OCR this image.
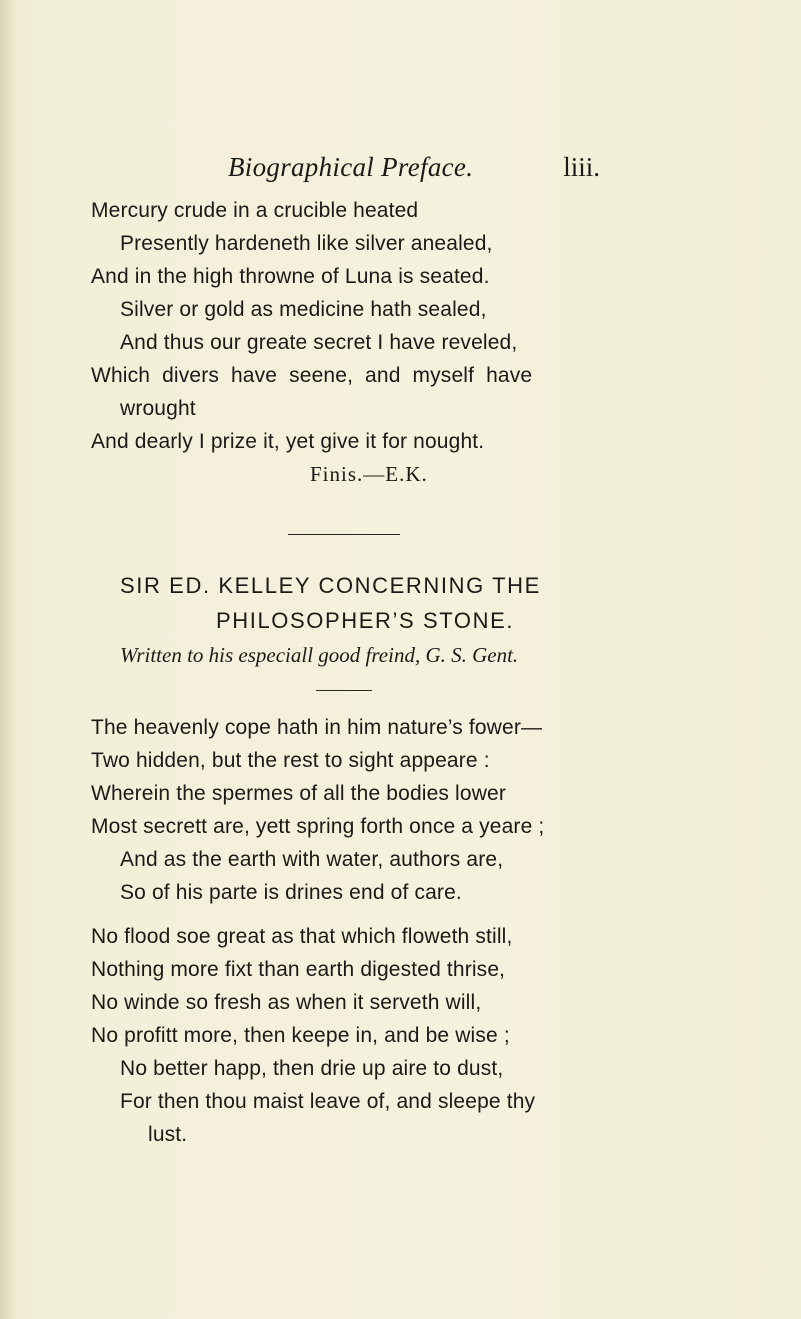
Biographical Preface.	liii.
Mercury crude in a crucible heated
Presently hardeneth like silver anealed,
And in the high throwne of Luna is seated.
Silver or gold as medicine hath sealed,
And thus our greate secret I have reveled,
Which divers have seene, and myself have
wrought
And dearly I prize it, yet give it for nought.
Finis.—E.K.
SIR ED. KELLEY CONCERNING THE
PHILOSOPHER’S STONE.
Written to his especiall good freind, G. S. Gent.
The heavenly cope hath in him nature’s fower—
Two hidden, but the rest to sight appeare :
Wherein the spermes of all the bodies lower
Most secrett are, yett spring forth once a yeare ;
And as the earth with water, authors are,
So of his parte is drines end of care.
No flood soe great as that which floweth still,
Nothing more fixt than earth digested thrise,
No winde so fresh as when it serveth will,
No profitt more, then keepe in, and be wise ;
No better happ, then drie up aire to dust,
For then thou maist leave of, and sleepe thy
lust.
